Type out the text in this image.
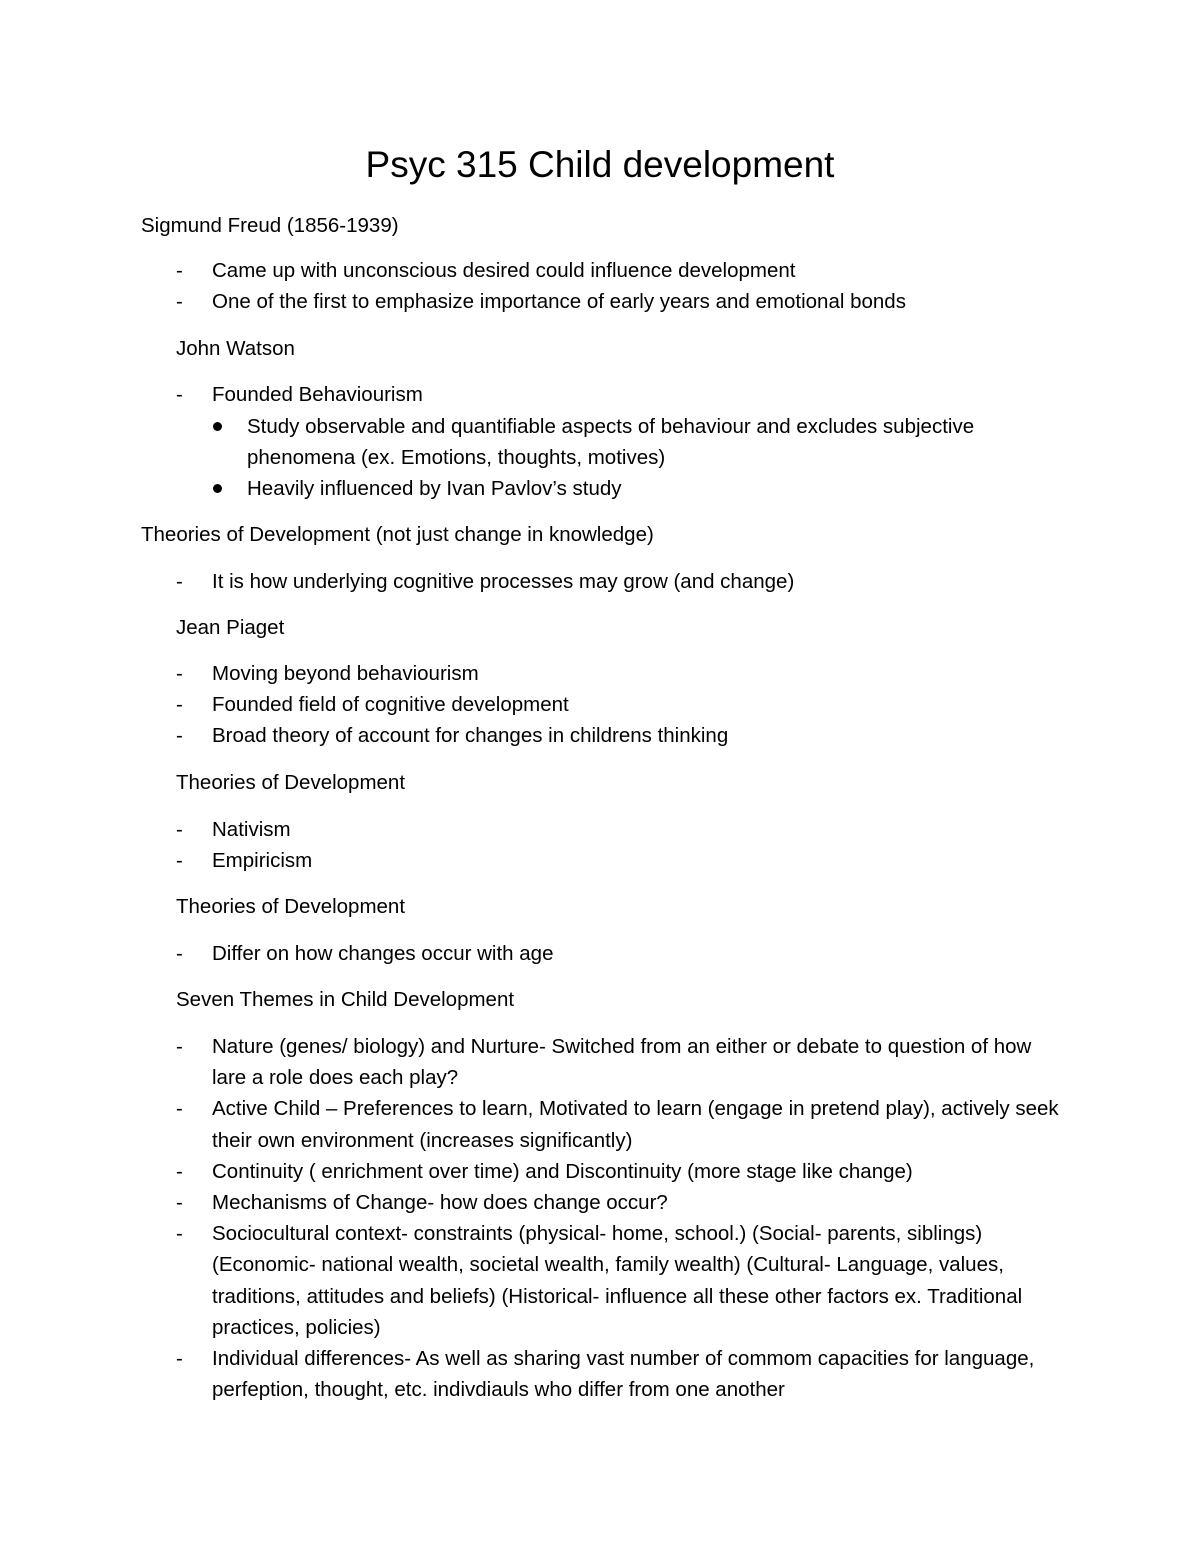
Psyc 315 Child development

Sigmund Freud (1856-1939)

- Came up with unconscious desired could influence development
- One of the first to emphasize importance of early years and emotional bonds

John Watson

- Founded Behaviourism
Study observable and quantifiable aspects of behaviour and excludes subjective phenomena (ex. Emotions, thoughts, motives)
Heavily influenced by Ivan Pavlov’s study

Theories of Development (not just change in knowledge)

- It is how underlying cognitive processes may grow (and change)

Jean Piaget

- Moving beyond behaviourism
- Founded field of cognitive development
- Broad theory of account for changes in childrens thinking

Theories of Development

- Nativism
- Empiricism

Theories of Development

- Differ on how changes occur with age

Seven Themes in Child Development

- Nature (genes/ biology) and Nurture- Switched from an either or debate to question of how lare a role does each play?
- Active Child – Preferences to learn, Motivated to learn (engage in pretend play), actively seek their own environment (increases significantly)
- Continuity ( enrichment over time) and Discontinuity (more stage like change)
- Mechanisms of Change- how does change occur?
- Sociocultural context- constraints (physical- home, school.) (Social- parents, siblings) (Economic- national wealth, societal wealth, family wealth) (Cultural- Language, values, traditions, attitudes and beliefs) (Historical- influence all these other factors ex. Traditional practices, policies)
- Individual differences- As well as sharing vast number of commom capacities for language, perfeption, thought, etc. indivdiauls who differ from one another
